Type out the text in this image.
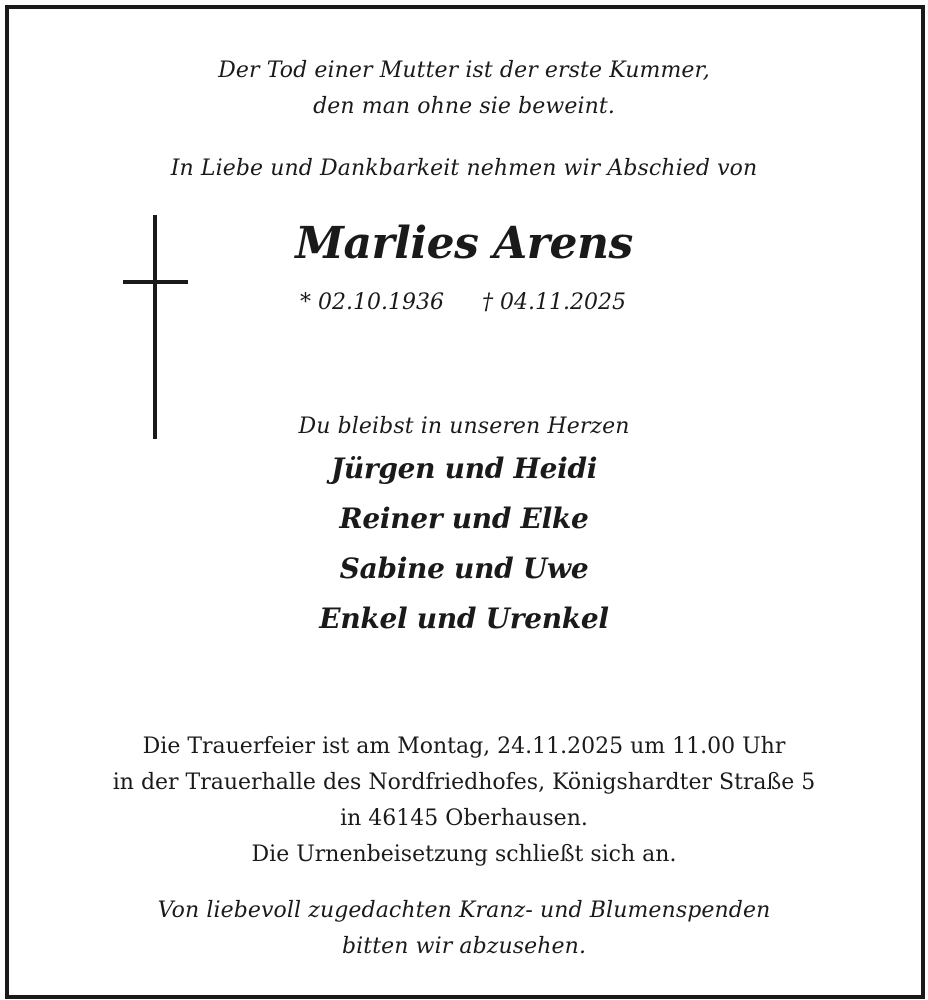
Der Tod einer Mutter ist der erste Kummer,
den man ohne sie beweint.
In Liebe und Dankbarkeit nehmen wir Abschied von
Marlies Arens
* 02.10.1936 † 04.11.2025
Du bleibst in unseren Herzen
Jürgen und Heidi
Reiner und Elke
Sabine und Uwe
Enkel und Urenkel
Die Trauerfeier ist am Montag, 24.11.2025 um 11.00 Uhr
in der Trauerhalle des Nordfriedhofes, Königshardter Straße 5
in 46145 Oberhausen.
Die Urnenbeisetzung schließt sich an.
Von liebevoll zugedachten Kranz- und Blumenspenden
bitten wir abzusehen.
